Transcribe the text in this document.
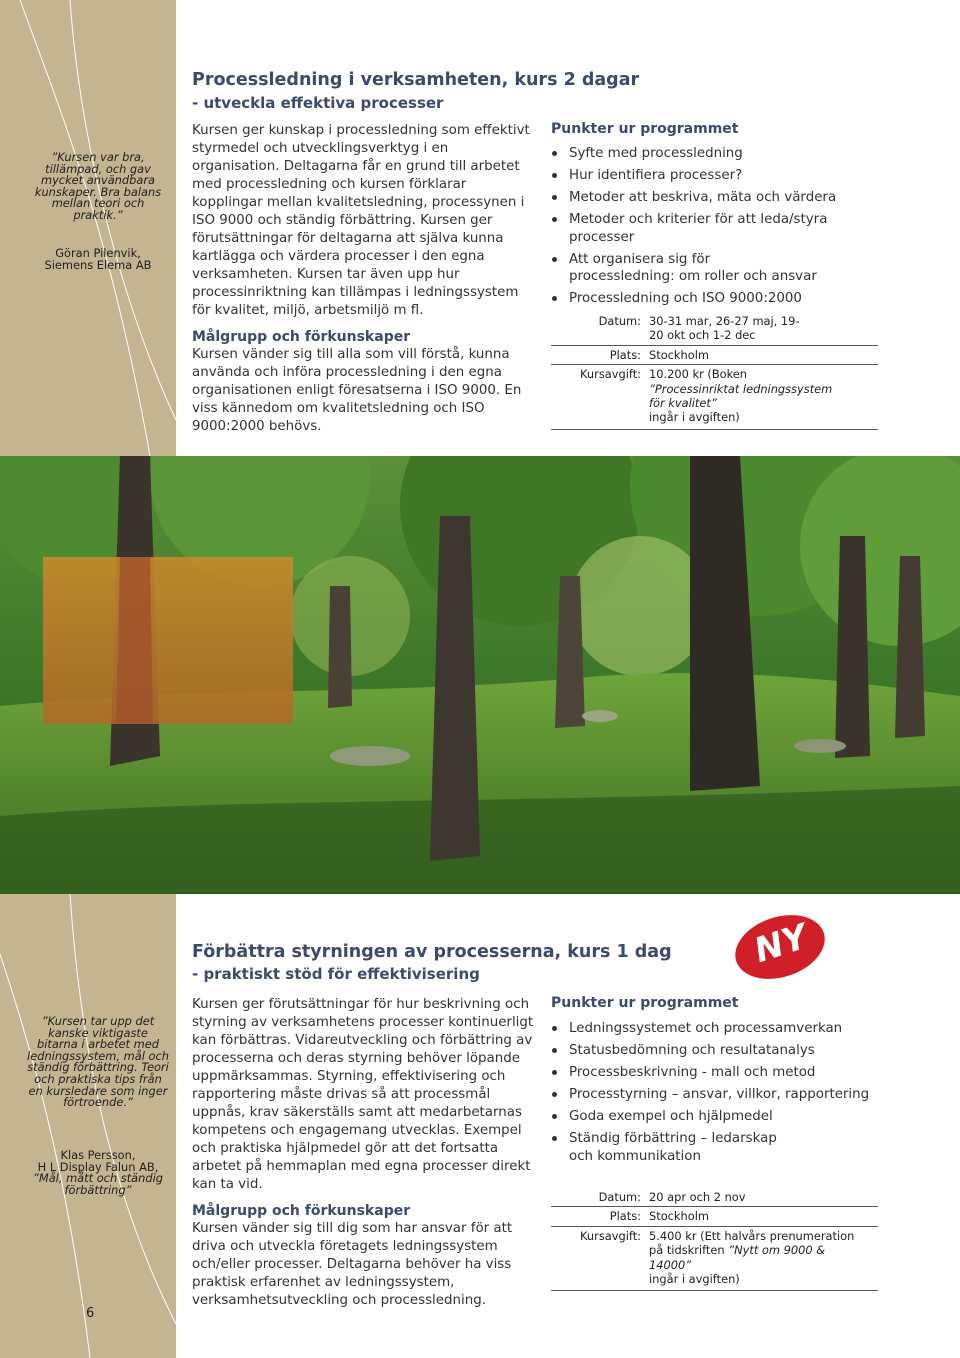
”Kursen var bra, tillämpad, och gav mycket användbara kunskaper. Bra balans mellan teori och praktik.”
Göran Pilenvik,
Siemens Elema AB
Processledning i verksamheten, kurs 2 dagar
- utveckla effektiva processer

Kursen ger kunskap i processledning som effektivt styrmedel och utvecklingsverktyg i en organisation. Deltagarna får en grund till arbetet med processledning och kursen förklarar kopplingar mellan kvalitetsledning, processynen i ISO 9000 och ständig förbättring. Kursen ger förutsättningar för deltagarna att själva kunna kartlägga och värdera processer i den egna verksamheten. Kursen tar även upp hur processinriktning kan tillämpas i ledningssystem för kvalitet, miljö, arbetsmiljö m fl.

Målgrupp och förkunskaper

Kursen vänder sig till alla som vill förstå, kunna använda och införa processledning i den egna organisationen enligt föresatserna i ISO 9000. En viss kännedom om kvalitetsledning och ISO 9000:2000 behövs.

Punkter ur programmet
Syfte med processledning
Hur identifiera processer?
Metoder att beskriva, mäta och värdera
Metoder och kriterier för att leda/styra processer
Att organisera sig för processledning: om roller och ansvar
Processledning och ISO 9000:2000
Datum: 30-31 mar, 26-27 maj, 19-20 okt och 1-2 dec
Plats: Stockholm
Kursavgift: 10.200 kr (Boken ”Processinriktat ledningssystem för kvalitet”
ingår i avgiften)
”Kursen tar upp det kanske viktigaste bitarna i arbetet med ledningssystem, mål och ständig förbättring. Teori och praktiska tips från en kursledare som inger förtroende.”
Klas Persson,
H L Display Falun AB,
”Mål, mått och ständig förbättring”
6
NY
Förbättra styrningen av processerna, kurs 1 dag
- praktiskt stöd för effektivisering

Kursen ger förutsättningar för hur beskrivning och styrning av verksamhetens processer kontinuerligt kan förbättras. Vidareutveckling och förbättring av processerna och deras styrning behöver löpande uppmärksammas. Styrning, effektivisering och rapportering måste drivas så att processmål uppnås, krav säkerställs samt att medarbetarnas kompetens och engagemang utvecklas. Exempel och praktiska hjälpmedel gör att det fortsatta arbetet på hemmaplan med egna processer direkt kan ta vid.

Målgrupp och förkunskaper

Kursen vänder sig till dig som har ansvar för att driva och utveckla företagets ledningssystem och/eller processer. Deltagarna behöver ha viss praktisk erfarenhet av ledningssystem, verksamhetsutveckling och processledning.

Punkter ur programmet
Ledningssystemet och processamverkan
Statusbedömning och resultatanalys
Processbeskrivning - mall och metod
Processtyrning – ansvar, villkor, rapportering
Goda exempel och hjälpmedel
Ständig förbättring – ledarskap och kommunikation
Datum: 20 apr och 2 nov
Plats: Stockholm
Kursavgift: 5.400 kr (Ett halvårs prenumeration på tidskriften ”Nytt om 9000 & 14000”
ingår i avgiften)
